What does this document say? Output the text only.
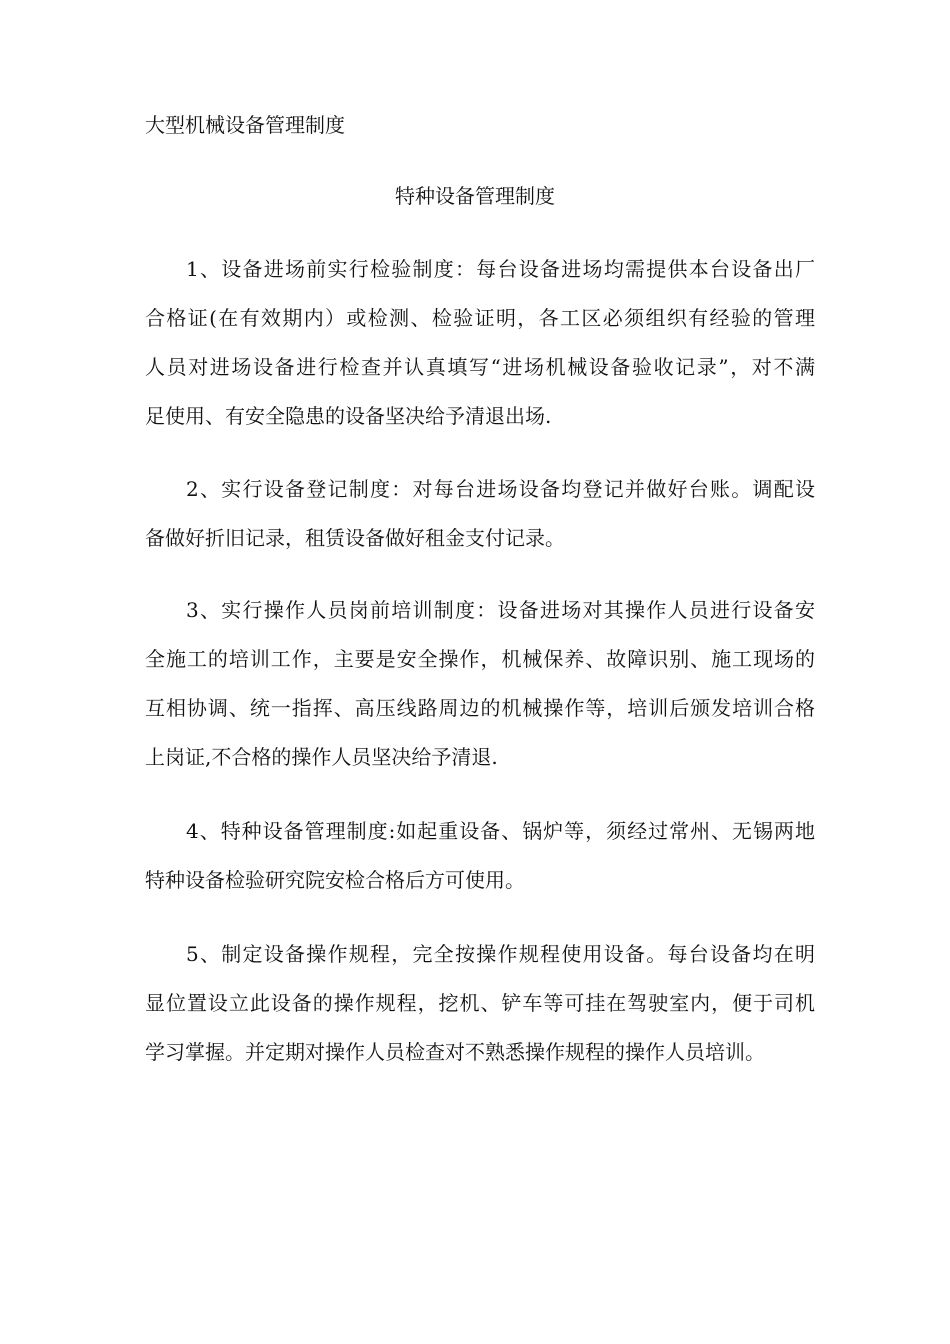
大型机械设备管理制度
特种设备管理制度
1、设备进场前实行检验制度：每台设备进场均需提供本台设备出厂
合格证(在有效期内）或检测、检验证明，各工区必须组织有经验的管理
人员对进场设备进行检查并认真填写“进场机械设备验收记录”，对不满
足使用、有安全隐患的设备坚决给予清退出场.
2、实行设备登记制度：对每台进场设备均登记并做好台账。调配设
备做好折旧记录，租赁设备做好租金支付记录。
3、实行操作人员岗前培训制度：设备进场对其操作人员进行设备安
全施工的培训工作，主要是安全操作，机械保养、故障识别、施工现场的
互相协调、统一指挥、高压线路周边的机械操作等，培训后颁发培训合格
上岗证,不合格的操作人员坚决给予清退.
4、特种设备管理制度:如起重设备、锅炉等，须经过常州、无锡两地
特种设备检验研究院安检合格后方可使用。
5、制定设备操作规程，完全按操作规程使用设备。每台设备均在明
显位置设立此设备的操作规程，挖机、铲车等可挂在驾驶室内，便于司机
学习掌握。并定期对操作人员检查对不熟悉操作规程的操作人员培训。
